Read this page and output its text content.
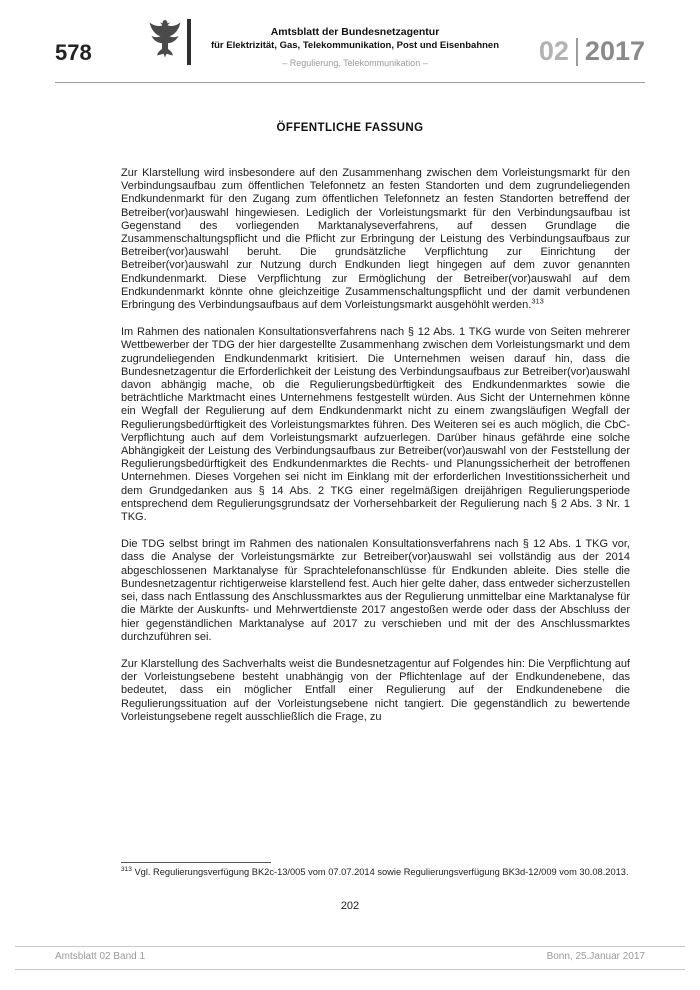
578
Amtsblatt der Bundesnetzagentur
für Elektrizität, Gas, Telekommunikation, Post und Eisenbahnen
– Regulierung, Telekommunikation –	02 2017
ÖFFENTLICHE FASSUNG

Zur Klarstellung wird insbesondere auf den Zusammenhang zwischen dem Vorleistungsmarkt für den Verbindungsaufbau zum öffentlichen Telefonnetz an festen Standorten und dem zugrundeliegenden Endkundenmarkt für den Zugang zum öffentlichen Telefonnetz an festen Standorten betreffend der Betreiber(vor)auswahl hingewiesen. Lediglich der Vorleistungsmarkt für den Verbindungsaufbau ist Gegenstand des vorliegenden Marktanalyseverfahrens, auf dessen Grundlage die Zusammenschaltungspflicht und die Pflicht zur Erbringung der Leistung des Verbindungsaufbaus zur Betreiber(vor)auswahl beruht. Die grundsätzliche Verpflichtung zur Einrichtung der Betreiber(vor)auswahl zur Nutzung durch Endkunden liegt hingegen auf dem zuvor genannten Endkundenmarkt. Diese Verpflichtung zur Ermöglichung der Betreiber(vor)auswahl auf dem Endkundenmarkt könnte ohne gleichzeitige Zusammenschaltungspflicht und der damit verbundenen Erbringung des Verbindungsaufbaus auf dem Vorleistungsmarkt ausgehöhlt werden.$^{313}$

Im Rahmen des nationalen Konsultationsverfahrens nach § 12 Abs. 1 TKG wurde von Seiten mehrerer Wettbewerber der TDG der hier dargestellte Zusammenhang zwischen dem Vorleistungsmarkt und dem zugrundeliegenden Endkundenmarkt kritisiert. Die Unternehmen weisen darauf hin, dass die Bundesnetzagentur die Erforderlichkeit der Leistung des Verbindungsaufbaus zur Betreiber(vor)auswahl davon abhängig mache, ob die Regulierungsbedürftigkeit des Endkundenmarktes sowie die beträchtliche Marktmacht eines Unternehmens festgestellt würden. Aus Sicht der Unternehmen könne ein Wegfall der Regulierung auf dem Endkundenmarkt nicht zu einem zwangsläufigen Wegfall der Regulierungsbedürftigkeit des Vorleistungsmarktes führen. Des Weiteren sei es auch möglich, die CbC-Verpflichtung auch auf dem Vorleistungsmarkt aufzuerlegen. Darüber hinaus gefährde eine solche Abhängigkeit der Leistung des Verbindungsaufbaus zur Betreiber(vor)auswahl von der Feststellung der Regulierungsbedürftigkeit des Endkundenmarktes die Rechts- und Planungssicherheit der betroffenen Unternehmen. Dieses Vorgehen sei nicht im Einklang mit der erforderlichen Investitionssicherheit und dem Grundgedanken aus § 14 Abs. 2 TKG einer regelmäßigen dreijährigen Regulierungsperiode entsprechend dem Regulierungsgrundsatz der Vorhersehbarkeit der Regulierung nach § 2 Abs. 3 Nr. 1 TKG.

Die TDG selbst bringt im Rahmen des nationalen Konsultationsverfahrens nach § 12 Abs. 1 TKG vor, dass die Analyse der Vorleistungsmärkte zur Betreiber(vor)auswahl sei vollständig aus der 2014 abgeschlossenen Marktanalyse für Sprachtelefonanschlüsse für Endkunden ableite. Dies stelle die Bundesnetzagentur richtigerweise klarstellend fest. Auch hier gelte daher, dass entweder sicherzustellen sei, dass nach Entlassung des Anschlussmarktes aus der Regulierung unmittelbar eine Marktanalyse für die Märkte der Auskunfts- und Mehrwertdienste 2017 angestoßen werde oder dass der Abschluss der hier gegenständlichen Marktanalyse auf 2017 zu verschieben und mit der des Anschlussmarktes durchzuführen sei.

Zur Klarstellung des Sachverhalts weist die Bundesnetzagentur auf Folgendes hin: Die Verpflichtung auf der Vorleistungsebene besteht unabhängig von der Pflichtenlage auf der Endkundenebene, das bedeutet, dass ein möglicher Entfall einer Regulierung auf der Endkundenebene die Regulierungssituation auf der Vorleistungsebene nicht tangiert. Die gegenständlich zu bewertende Vorleistungsebene regelt ausschließlich die Frage, zu

$^{313}$ Vgl. Regulierungsverfügung BK2c-13/005 vom 07.07.2014 sowie Regulierungsverfügung BK3d-12/009 vom 30.08.2013.
202
Amtsblatt 02 Band 1	Bonn, 25.Januar 2017
